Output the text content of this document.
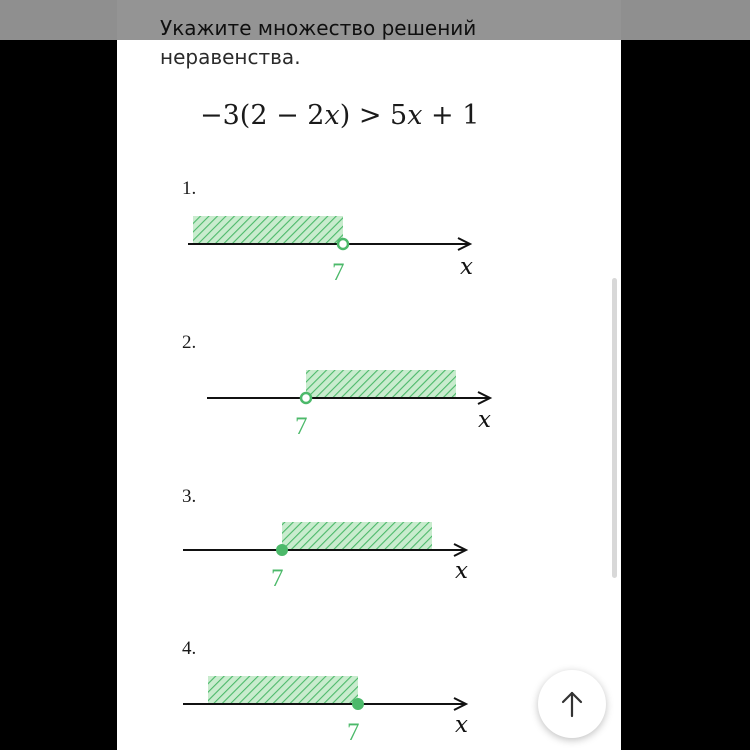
Укажите множество решений
неравенства.
−3(2 − 2x) > 5x + 1
1.
2.
3.
4.
7	x
7	x
7	x
7	x
